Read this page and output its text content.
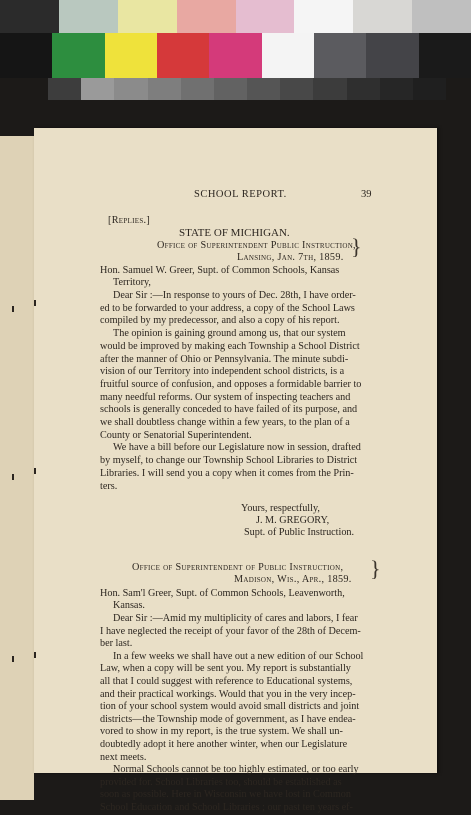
SCHOOL REPORT.	39
[Replies.]
STATE OF MICHIGAN.
Office of Superintendent Public Instruction,
Lansing, Jan. 7th, 1859. }
Hon. Samuel W. Greer, Supt. of Common Schools, Kansas
Territory,
Dear Sir :—In response to yours of Dec. 28th, I have order-
ed to be forwarded to your address, a copy of the School Laws
compiled by my predecessor, and also a copy of his report.
The opinion is gaining ground among us, that our system
would be improved by making each Township a School District
after the manner of Ohio or Pennsylvania. The minute subdi-
vision of our Territory into independent school districts, is a
fruitful source of confusion, and opposes a formidable barrier to
many needful reforms. Our system of inspecting teachers and
schools is generally conceded to have failed of its purpose, and
we shall doubtless change within a few years, to the plan of a
County or Senatorial Superintendent.
We have a bill before our Legislature now in session, drafted
by myself, to change our Township School Libraries to District
Libraries. I will send you a copy when it comes from the Prin-
ters.
Yours, respectfully,
J. M. GREGORY,
Supt. of Public Instruction.
Office of Superintendent of Public Instruction,
Madison, Wis., Apr., 1859. }
Hon. Sam'l Greer, Supt. of Common Schools, Leavenworth,
Kansas.
Dear Sir :—Amid my multiplicity of cares and labors, I fear
I have neglected the receipt of your favor of the 28th of Decem-
ber last.
In a few weeks we shall have out a new edition of our School
Law, when a copy will be sent you. My report is substantially
all that I could suggest with reference to Educational systems,
and their practical workings. Would that you in the very incep-
tion of your school system would avoid small districts and joint
districts—the Township mode of government, as I have endea-
vored to show in my report, is the true system. We shall un-
doubtedly adopt it here another winter, when our Legislature
next meets.
Normal Schools cannot be too highly estimated, or too early
provided for. School Libraries too, should be established as
soon as possible. Here in Wisconsin we have lost in Common
School Education and School Libraries ; our past ten years ef-
